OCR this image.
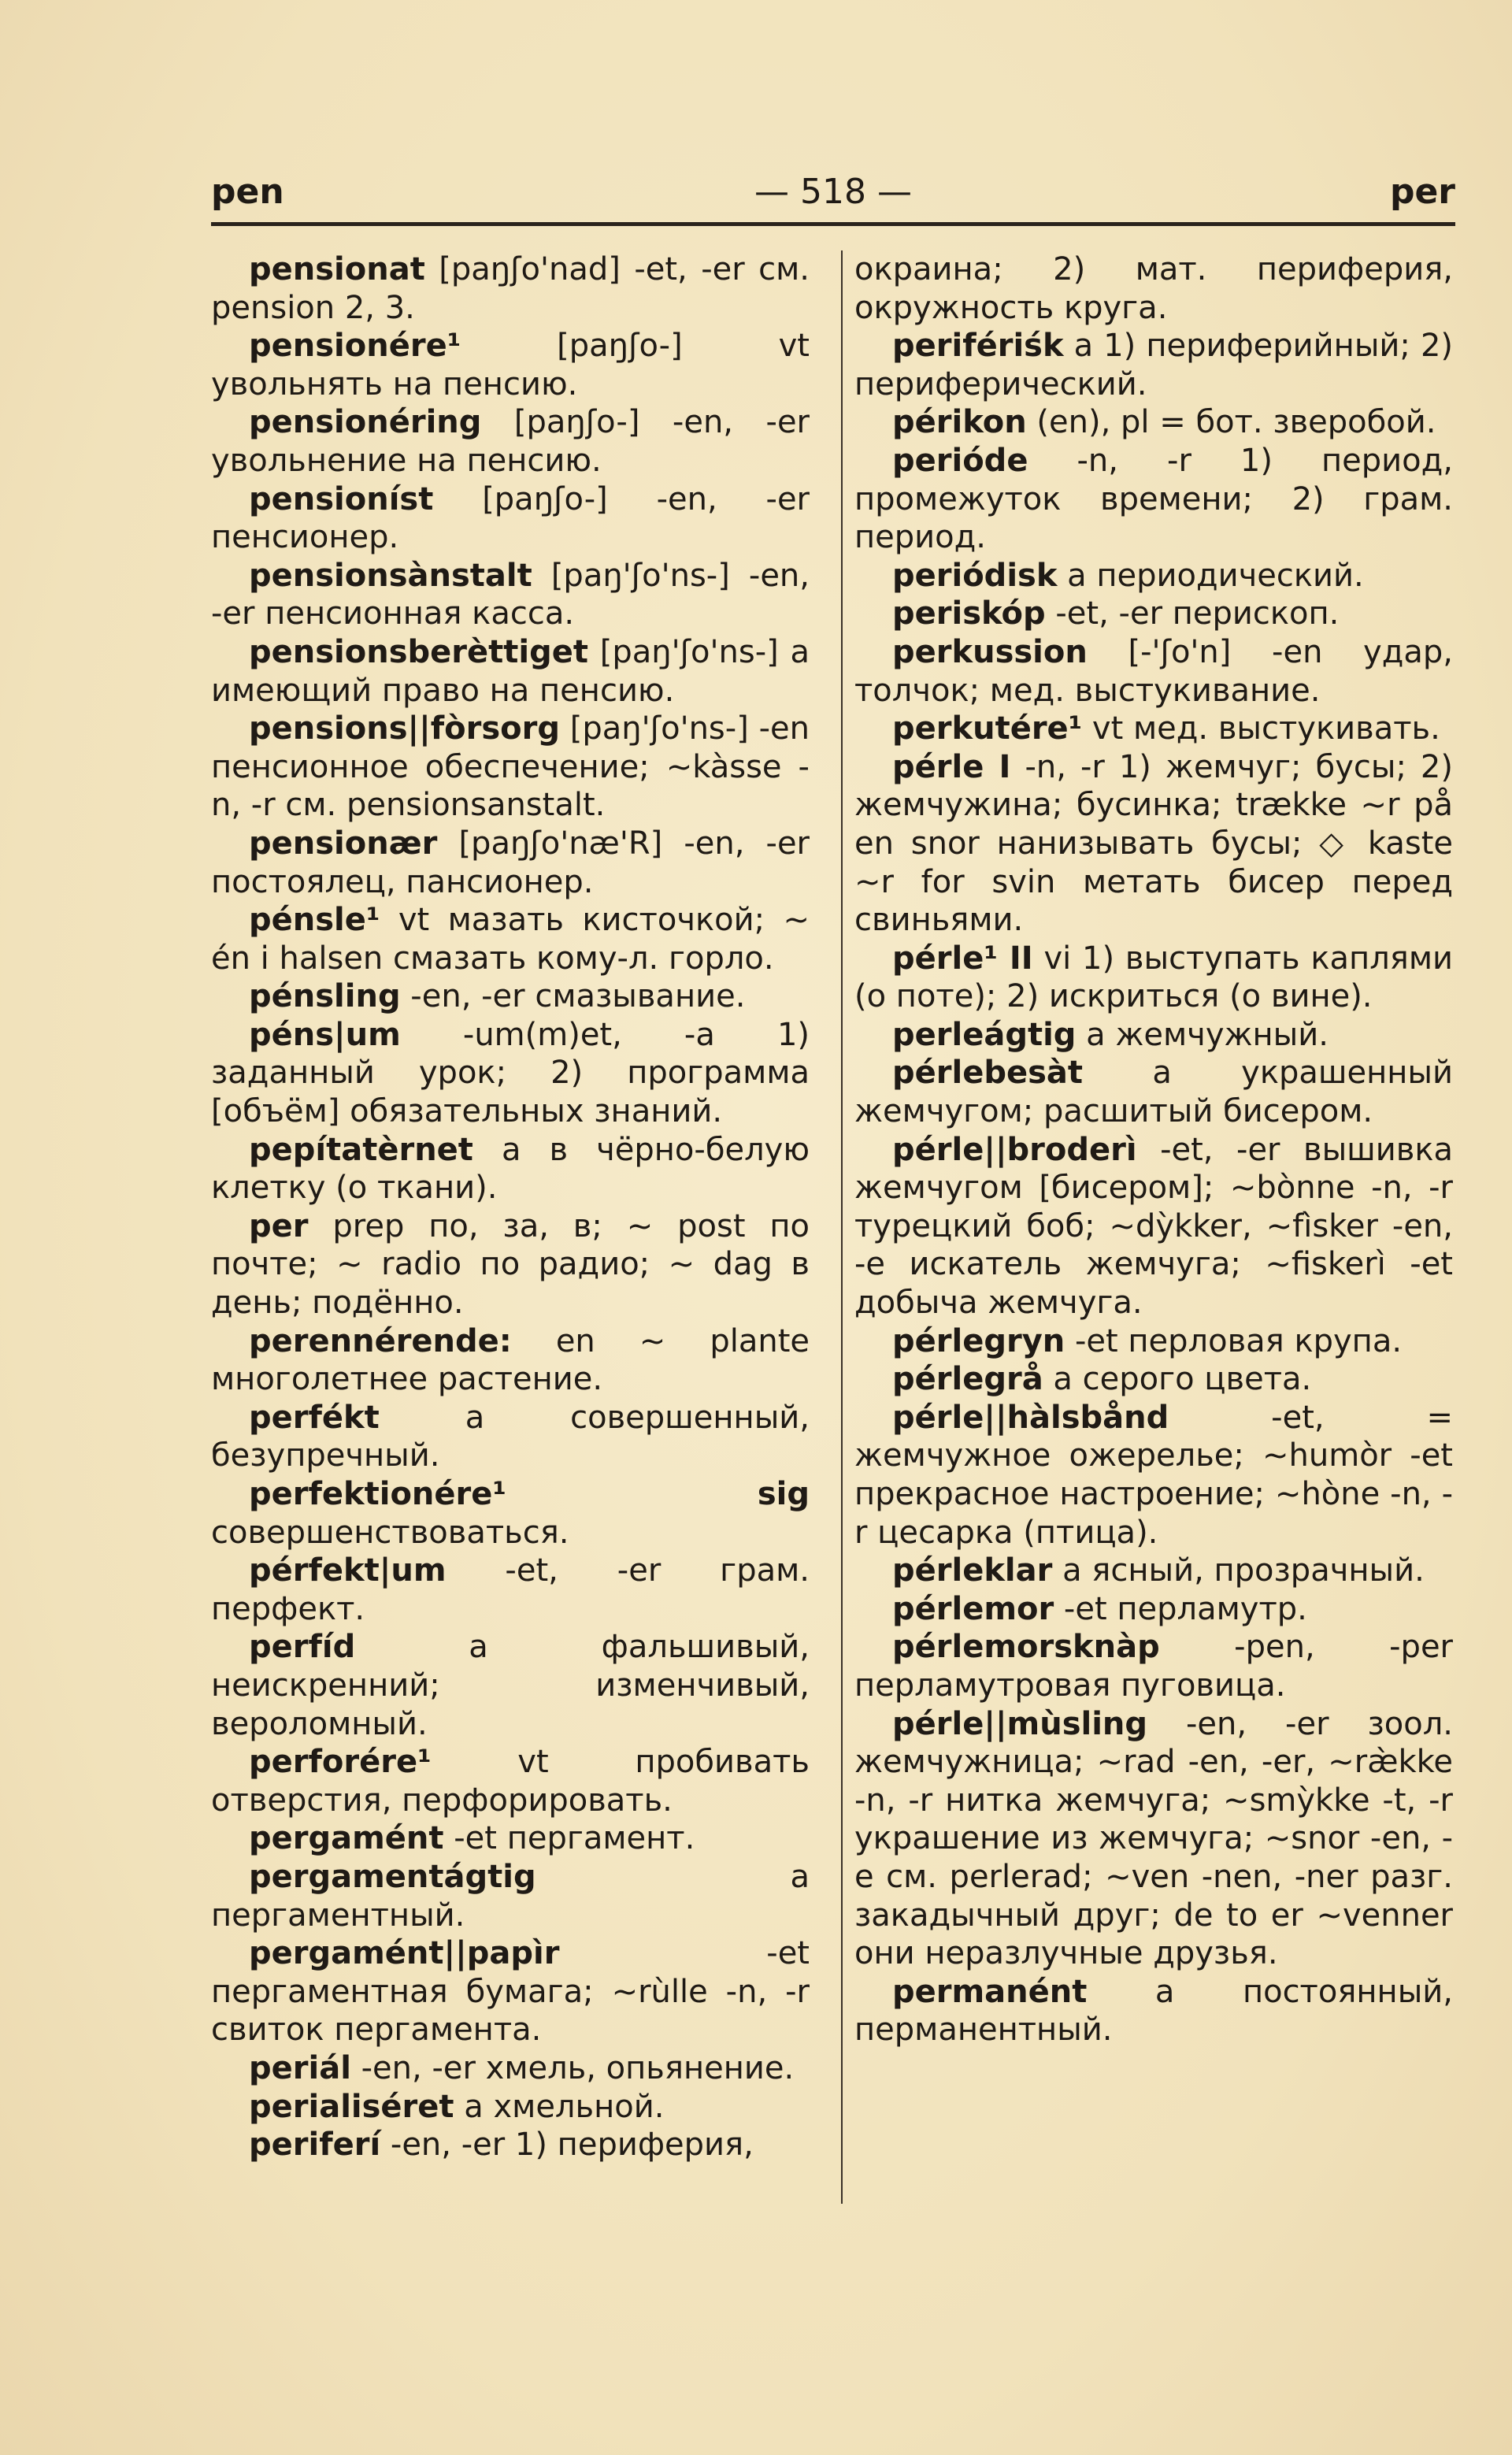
pen	— 518 —	per

pensionat [paŋʃo'nad] -et, -er см. pension 2, 3.

pensionére¹ [paŋʃo-] vt увольнять на пенсию.

pensionéring [paŋʃo-] -en, -er увольнение на пенсию.

pensioníst [paŋʃo-] -en, -er пенсионер.

pensionsànstalt [paŋ'ʃo'ns-] -en, -er пенсионная касса.

pensionsberèttiget [paŋ'ʃo'ns-] a имеющий право на пенсию.

pensions||fòrsorg [paŋ'ʃo'ns-] -en пенсионное обеспечение; ~kàsse -n, -r см. pensionsanstalt.

pensionær [paŋʃo'næ'R] -en, -er постоялец, пансионер.

pénsle¹ vt мазать кисточкой; ~ én i halsen смазать кому-л. горло.

pénsling -en, -er смазывание.

péns|um -um(m)et, -a 1) заданный урок; 2) программа [объём] обязательных знаний.

pepítatèrnet a в чёрно-белую клетку (о ткани).

per prep по, за, в; ~ post по почте; ~ radio по радио; ~ dag в день; подённо.

perennérende: en ~ plante многолетнее растение.

perfékt a совершенный, безупречный.

perfektionére¹ sig совершенствоваться.

pérfekt|um -et, -er грам. перфект.

perfíd a фальшивый, неискренний; изменчивый, вероломный.

perforére¹ vt пробивать отверстия, перфорировать.

pergamént -et пергамент.

pergamentágtig a пергаментный.

pergamént||papìr -et пергаментная бумага; ~rùlle -n, -r свиток пергамента.

periál -en, -er хмель, опьянение.

perialiséret a хмельной.

periferí -en, -er 1) периферия,

окраина; 2) мат. периферия, окружность круга.

perifériśk a 1) периферийный; 2) периферический.

périkon (en), pl = бот. зверобой.

perióde -n, -r 1) период, промежуток времени; 2) грам. период.

periódisk a периодический.

periskóp -et, -er перископ.

perkussion [-'ʃo'n] -en удар, толчок; мед. выстукивание.

perkutére¹ vt мед. выстукивать.

pérle I -n, -r 1) жемчуг; бусы; 2) жемчужина; бусинка; trække ~r på en snor нанизывать бусы; ◇ kaste ~r for svin метать бисер перед свиньями.

pérle¹ II vi 1) выступать каплями (о поте); 2) искриться (о вине).

perleágtig a жемчужный.

pérlebesàt a украшенный жемчугом; расшитый бисером.

pérle||broderì -et, -er вышивка жемчугом [бисером]; ~bònne -n, -r турецкий боб; ~dỳkker, ~fìsker -en, -e искатель жемчуга; ~fiskerì -et добыча жемчуга.

pérlegryn -et перловая крупа.

pérlegrå a серого цвета.

pérle||hàlsbånd -et, = жемчужное ожерелье; ~humòr -et прекрасное настроение; ~hòne -n, -r цесарка (птица).

pérleklar a ясный, прозрачный.

pérlemor -et перламутр.

pérlemorsknàp -pen, -per перламутровая пуговица.

pérle||mùsling -en, -er зоол. жемчужница; ~rad -en, -er, ~ræ̀kke -n, -r нитка жемчуга; ~smỳkke -t, -r украшение из жемчуга; ~snor -en, -e см. perlerad; ~ven -nen, -ner разг. закадычный друг; de to er ~venner они неразлучные друзья.

permanént a постоянный, перманентный.
